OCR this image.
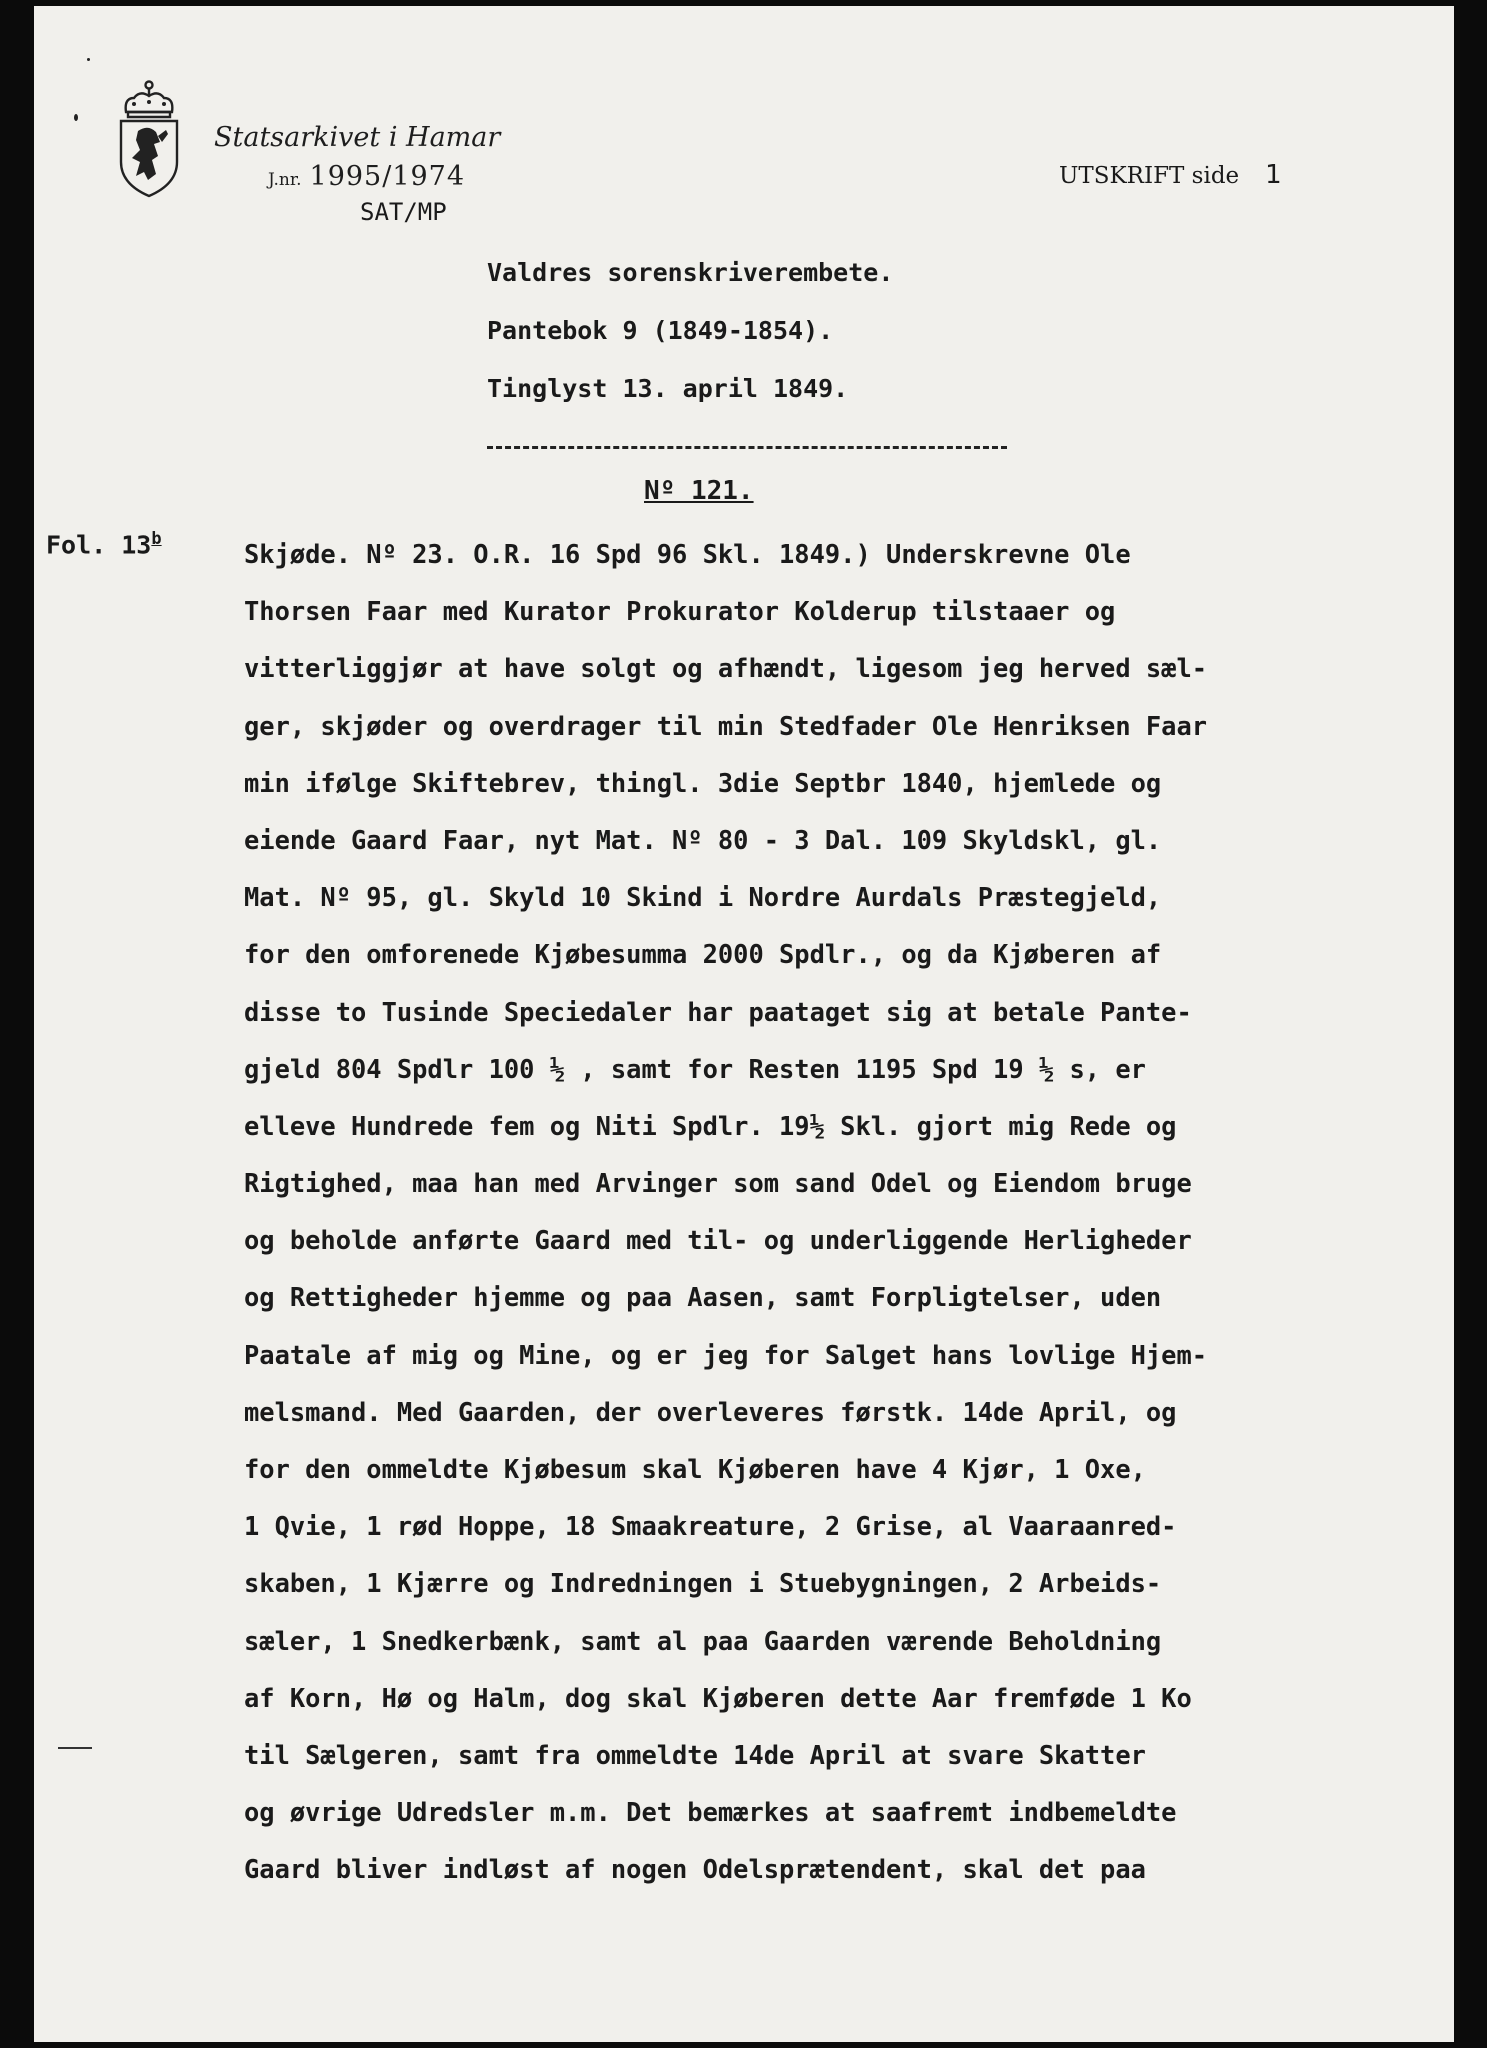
Statsarkivet i Hamar
J.nr. 1995/1974
SAT/MP
UTSKRIFT side 1
Valdres sorenskriverembete.
Pantebok 9 (1849-1854).
Tinglyst 13. april 1849.
Nº 121.
Fol. 13$^b$	Skjøde. Nº 23. O.R. 16 Spd 96 Skl. 1849.) Underskrevne Ole
Thorsen Faar med Kurator Prokurator Kolderup tilstaaer og
vitterliggjør at have solgt og afhændt, ligesom jeg herved sæl-
ger, skjøder og overdrager til min Stedfader Ole Henriksen Faar
min ifølge Skiftebrev, thingl. 3die Septbr 1840, hjemlede og
eiende Gaard Faar, nyt Mat. Nº 80 - 3 Dal. 109 Skyldskl, gl.
Mat. Nº 95, gl. Skyld 10 Skind i Nordre Aurdals Præstegjeld,
for den omforenede Kjøbesumma 2000 Spdlr., og da Kjøberen af
disse to Tusinde Speciedaler har paataget sig at betale Pante-
gjeld 804 Spdlr 100 ½ , samt for Resten 1195 Spd 19 ½ s, er
elleve Hundrede fem og Niti Spdlr. 19½ Skl. gjort mig Rede og
Rigtighed, maa han med Arvinger som sand Odel og Eiendom bruge
og beholde anførte Gaard med til- og underliggende Herligheder
og Rettigheder hjemme og paa Aasen, samt Forpligtelser, uden
Paatale af mig og Mine, og er jeg for Salget hans lovlige Hjem-
melsmand. Med Gaarden, der overleveres førstk. 14de April, og
for den ommeldte Kjøbesum skal Kjøberen have 4 Kjør, 1 Oxe,
1 Qvie, 1 rød Hoppe, 18 Smaakreature, 2 Grise, al Vaaraanred-
skaben, 1 Kjærre og Indredningen i Stuebygningen, 2 Arbeids-
sæler, 1 Snedkerbænk, samt al paa Gaarden værende Beholdning
af Korn, Hø og Halm, dog skal Kjøberen dette Aar fremføde 1 Ko
til Sælgeren, samt fra ommeldte 14de April at svare Skatter
og øvrige Udredsler m.m. Det bemærkes at saafremt indbemeldte
Gaard bliver indløst af nogen Odelsprætendent, skal det paa
